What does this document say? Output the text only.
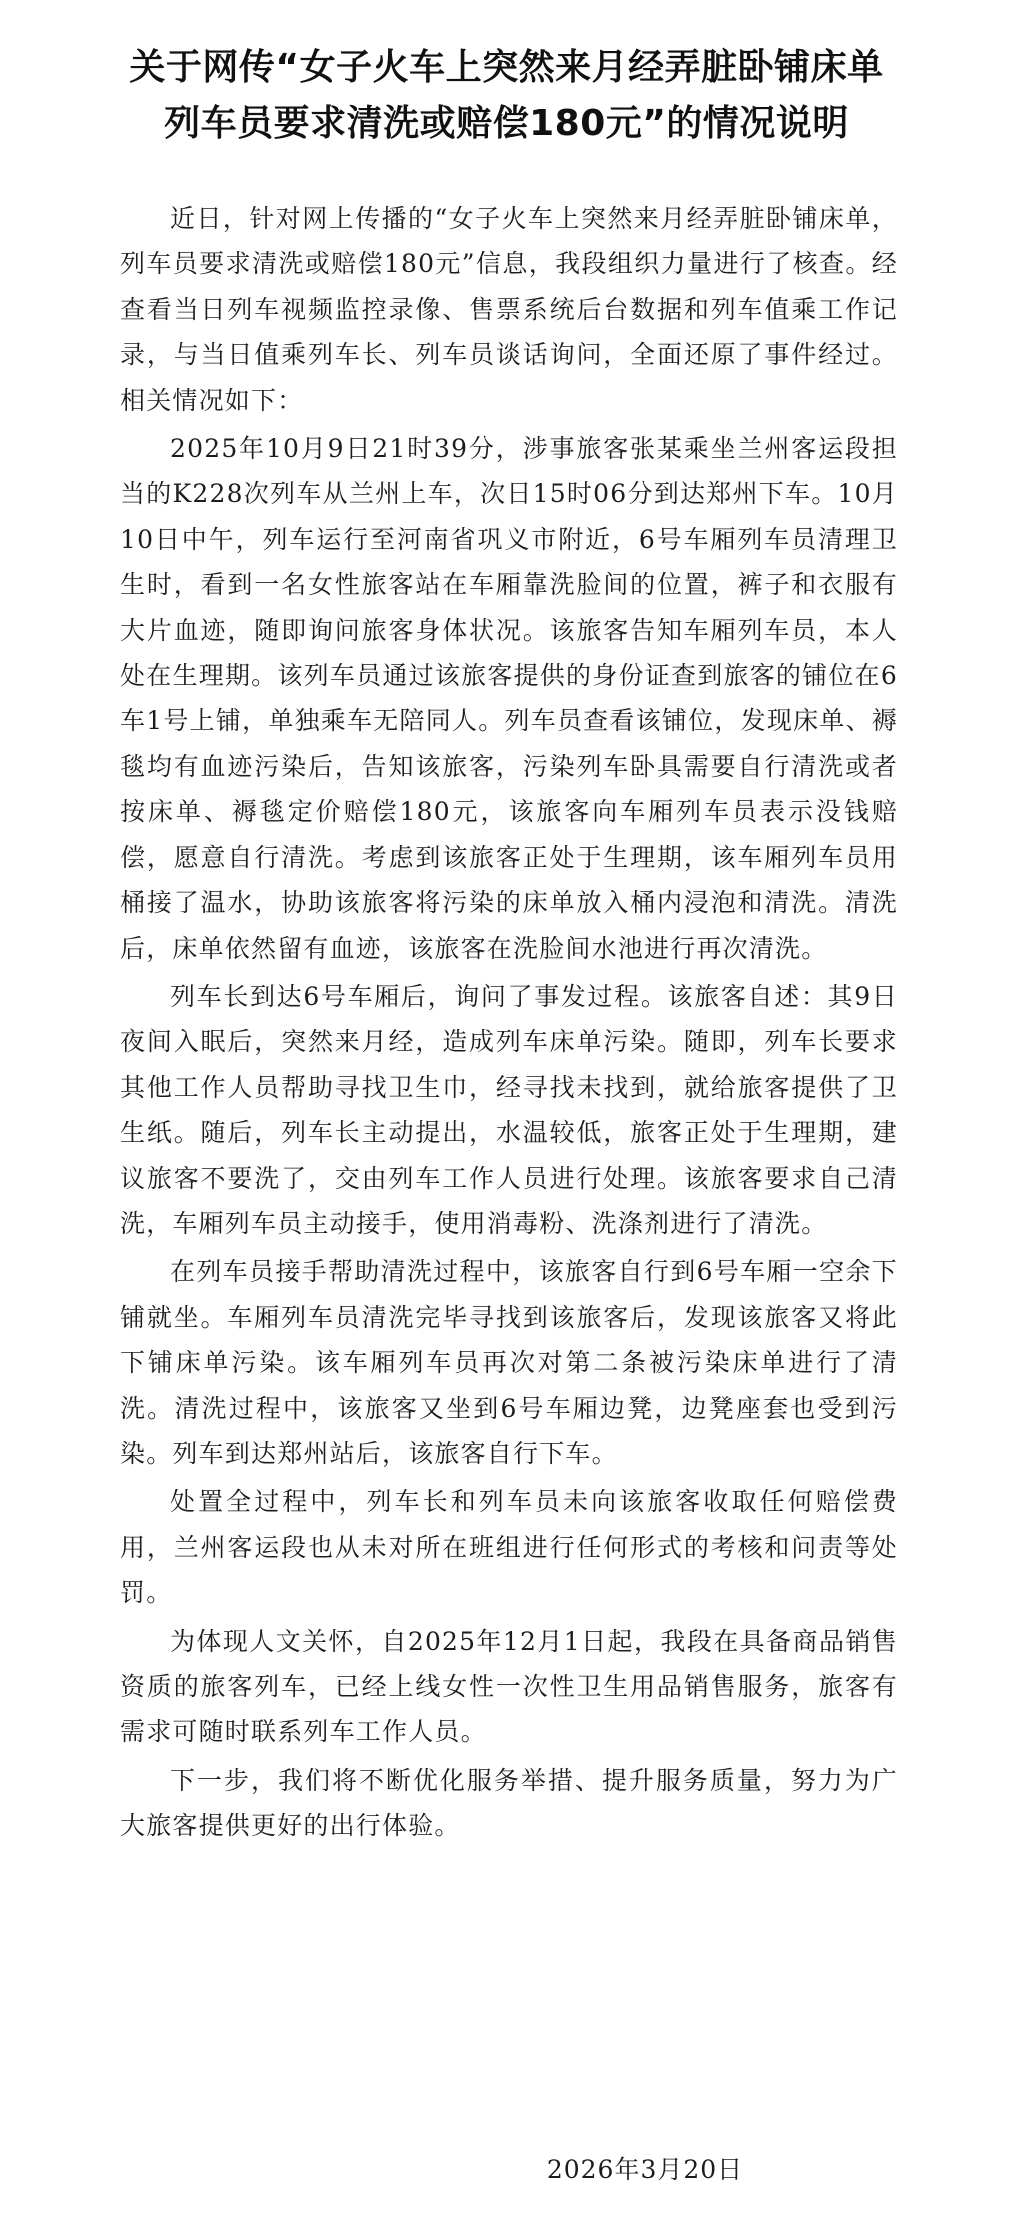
关于网传“女子火车上突然来月经弄脏卧铺床单
列车员要求清洗或赔偿180元”的情况说明

近日，针对网上传播的“女子火车上突然来月经弄脏卧铺床单，列车员要求清洗或赔偿180元”信息，我段组织力量进行了核查。经查看当日列车视频监控录像、售票系统后台数据和列车值乘工作记录，与当日值乘列车长、列车员谈话询问，全面还原了事件经过。相关情况如下：

2025年10月9日21时39分，涉事旅客张某乘坐兰州客运段担当的K228次列车从兰州上车，次日15时06分到达郑州下车。10月10日中午，列车运行至河南省巩义市附近，6号车厢列车员清理卫生时，看到一名女性旅客站在车厢靠洗脸间的位置，裤子和衣服有大片血迹，随即询问旅客身体状况。该旅客告知车厢列车员，本人处在生理期。该列车员通过该旅客提供的身份证查到旅客的铺位在6车1号上铺，单独乘车无陪同人。列车员查看该铺位，发现床单、褥毯均有血迹污染后，告知该旅客，污染列车卧具需要自行清洗或者按床单、褥毯定价赔偿180元，该旅客向车厢列车员表示没钱赔偿，愿意自行清洗。考虑到该旅客正处于生理期，该车厢列车员用桶接了温水，协助该旅客将污染的床单放入桶内浸泡和清洗。清洗后，床单依然留有血迹，该旅客在洗脸间水池进行再次清洗。

列车长到达6号车厢后，询问了事发过程。该旅客自述：其9日夜间入眠后，突然来月经，造成列车床单污染。随即，列车长要求其他工作人员帮助寻找卫生巾，经寻找未找到，就给旅客提供了卫生纸。随后，列车长主动提出，水温较低，旅客正处于生理期，建议旅客不要洗了，交由列车工作人员进行处理。该旅客要求自己清洗，车厢列车员主动接手，使用消毒粉、洗涤剂进行了清洗。

在列车员接手帮助清洗过程中，该旅客自行到6号车厢一空余下铺就坐。车厢列车员清洗完毕寻找到该旅客后，发现该旅客又将此下铺床单污染。该车厢列车员再次对第二条被污染床单进行了清洗。清洗过程中，该旅客又坐到6号车厢边凳，边凳座套也受到污染。列车到达郑州站后，该旅客自行下车。

处置全过程中，列车长和列车员未向该旅客收取任何赔偿费用，兰州客运段也从未对所在班组进行任何形式的考核和问责等处罚。

为体现人文关怀，自2025年12月1日起，我段在具备商品销售资质的旅客列车，已经上线女性一次性卫生用品销售服务，旅客有需求可随时联系列车工作人员。

下一步，我们将不断优化服务举措、提升服务质量，努力为广大旅客提供更好的出行体验。

2026年3月20日
